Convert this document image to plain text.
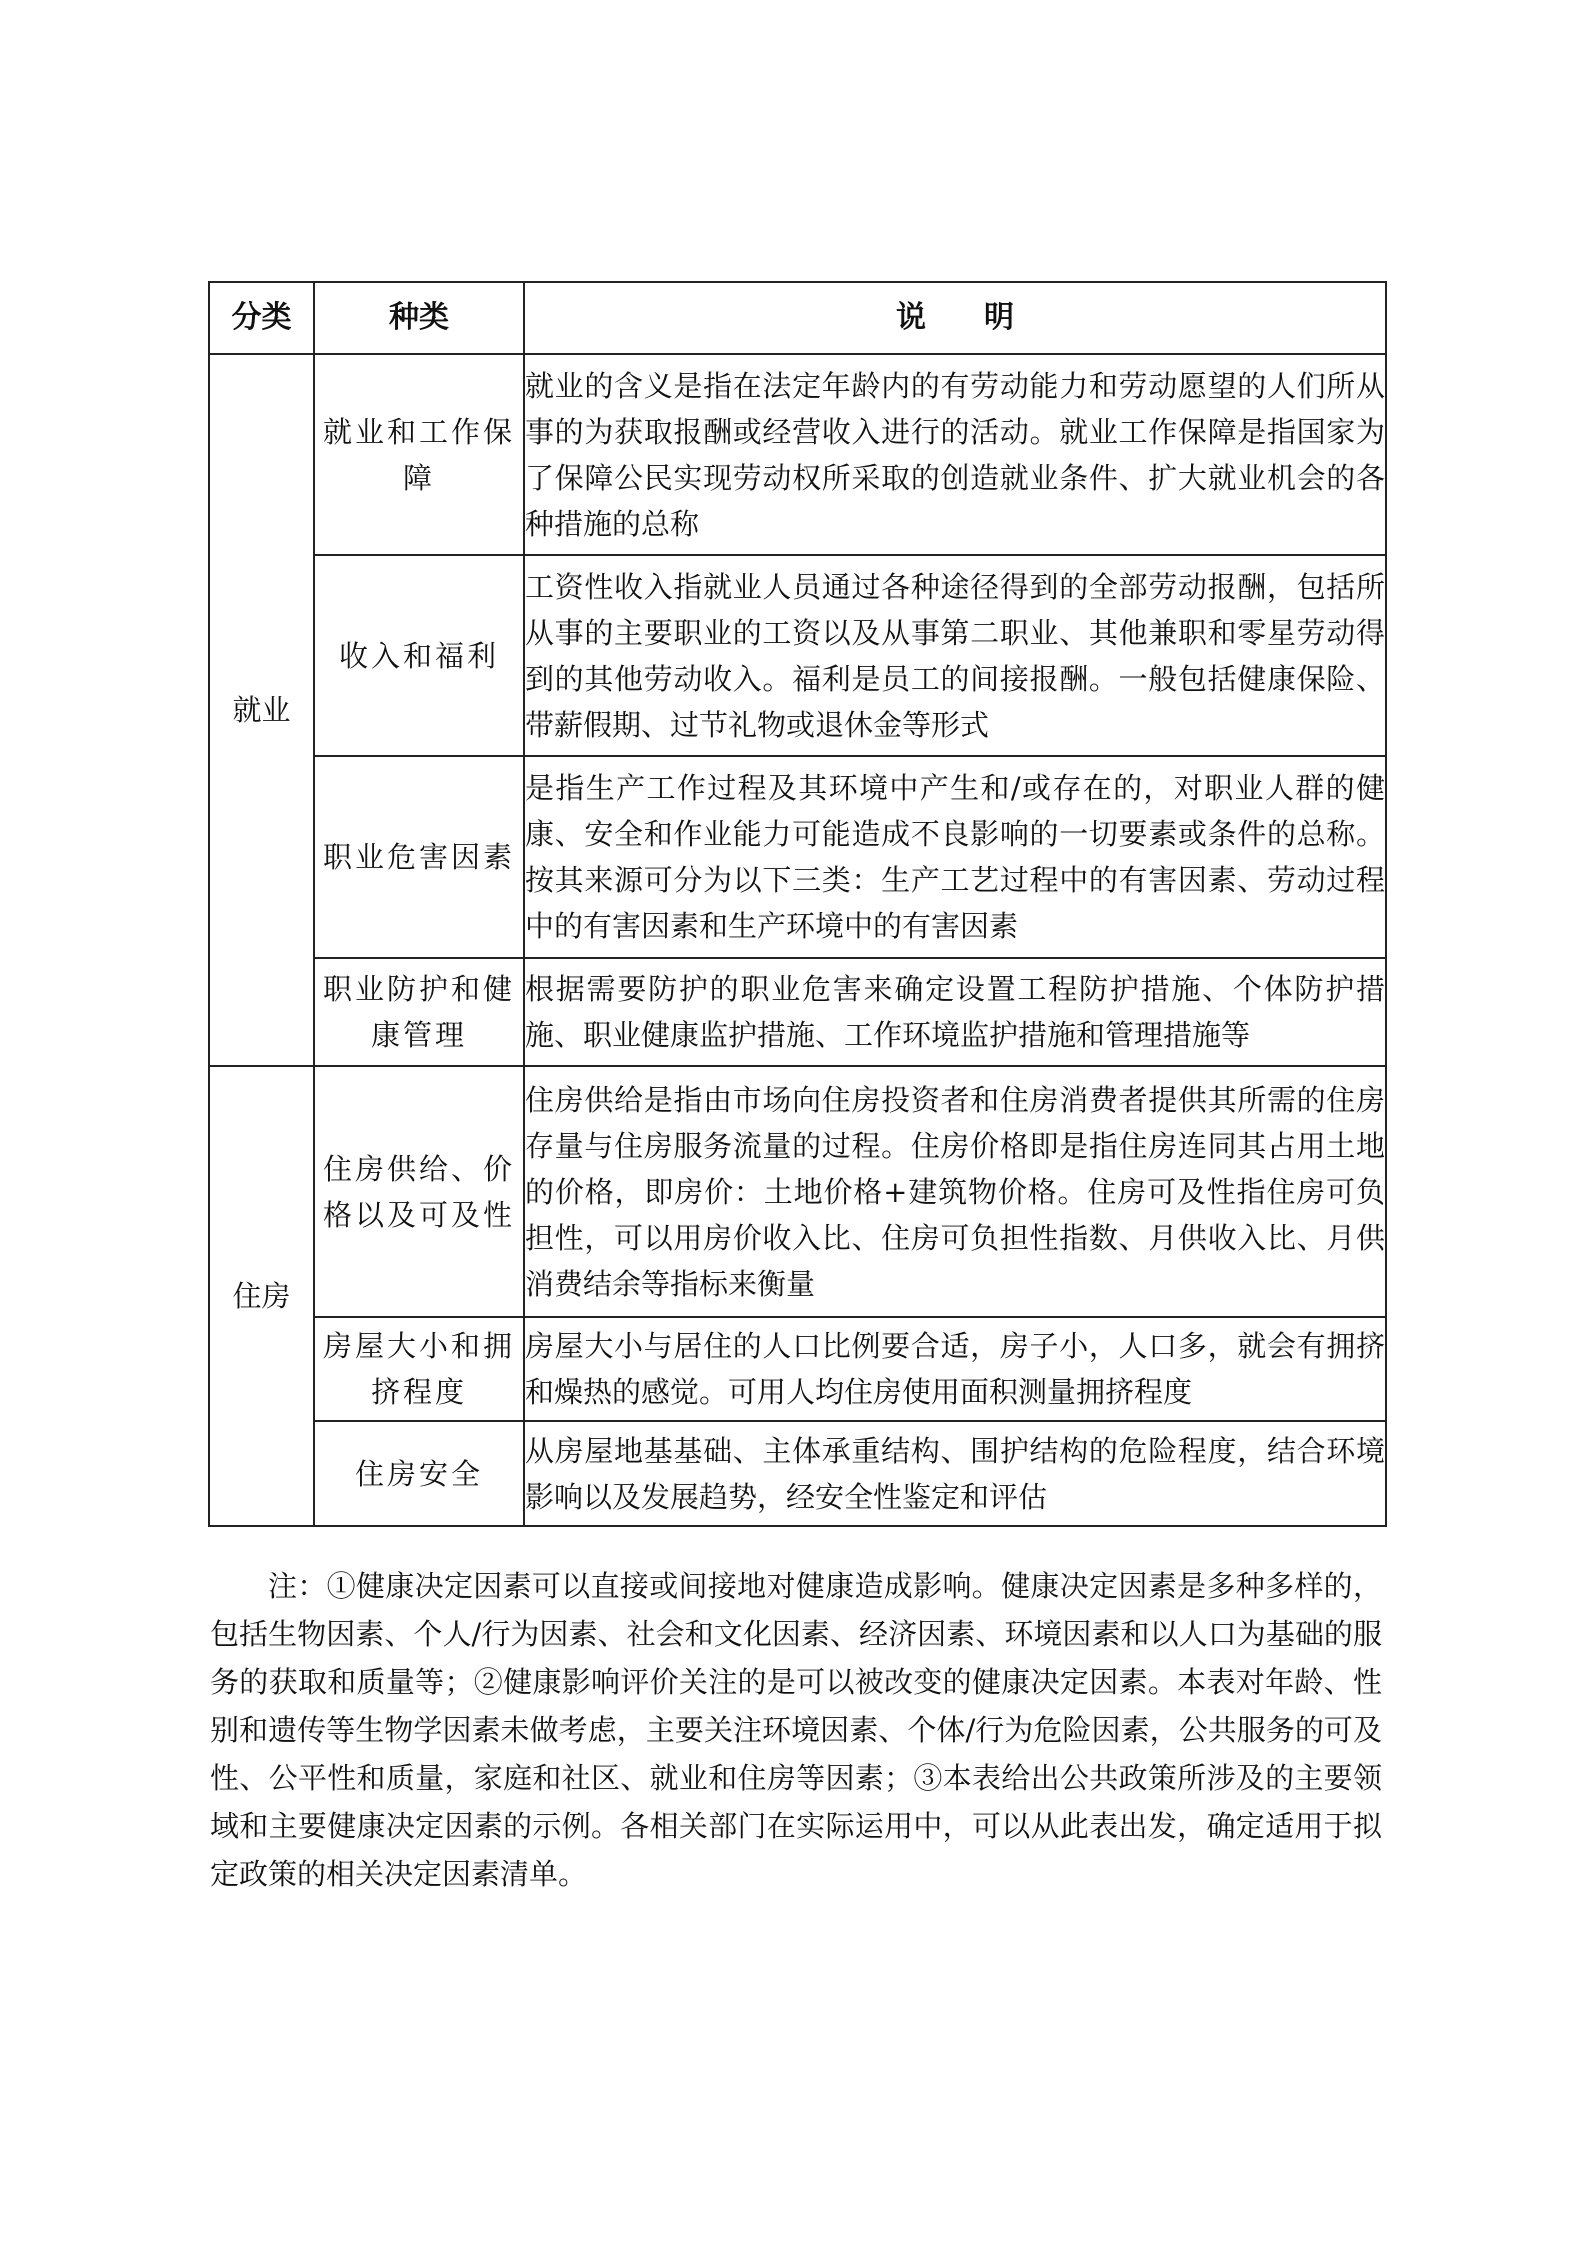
分类	种类	说 明
就业	就业和工作保障	就业的含义是指在法定年龄内的有劳动能力和劳动愿望的人们所从事的为获取报酬或经营收入进行的活动。就业工作保障是指国家为了保障公民实现劳动权所采取的创造就业条件、扩大就业机会的各种措施的总称
	收入和福利	工资性收入指就业人员通过各种途径得到的全部劳动报酬，包括所从事的主要职业的工资以及从事第二职业、其他兼职和零星劳动得到的其他劳动收入。福利是员工的间接报酬。一般包括健康保险、带薪假期、过节礼物或退休金等形式
	职业危害因素	是指生产工作过程及其环境中产生和/或存在的，对职业人群的健康、安全和作业能力可能造成不良影响的一切要素或条件的总称。按其来源可分为以下三类：生产工艺过程中的有害因素、劳动过程中的有害因素和生产环境中的有害因素
	职业防护和健康管理	根据需要防护的职业危害来确定设置工程防护措施、个体防护措施、职业健康监护措施、工作环境监护措施和管理措施等
住房	住房供给、价格以及可及性	住房供给是指由市场向住房投资者和住房消费者提供其所需的住房存量与住房服务流量的过程。住房价格即是指住房连同其占用土地的价格，即房价：土地价格+建筑物价格。住房可及性指住房可负担性，可以用房价收入比、住房可负担性指数、月供收入比、月供消费结余等指标来衡量
	房屋大小和拥挤程度	房屋大小与居住的人口比例要合适，房子小，人口多，就会有拥挤和燥热的感觉。可用人均住房使用面积测量拥挤程度
	住房安全	从房屋地基基础、主体承重结构、围护结构的危险程度，结合环境影响以及发展趋势，经安全性鉴定和评估

注：①健康决定因素可以直接或间接地对健康造成影响。健康决定因素是多种多样的，包括生物因素、个人/行为因素、社会和文化因素、经济因素、环境因素和以人口为基础的服务的获取和质量等；②健康影响评价关注的是可以被改变的健康决定因素。本表对年龄、性别和遗传等生物学因素未做考虑，主要关注环境因素、个体/行为危险因素，公共服务的可及性、公平性和质量，家庭和社区、就业和住房等因素；③本表给出公共政策所涉及的主要领域和主要健康决定因素的示例。各相关部门在实际运用中，可以从此表出发，确定适用于拟定政策的相关决定因素清单。
